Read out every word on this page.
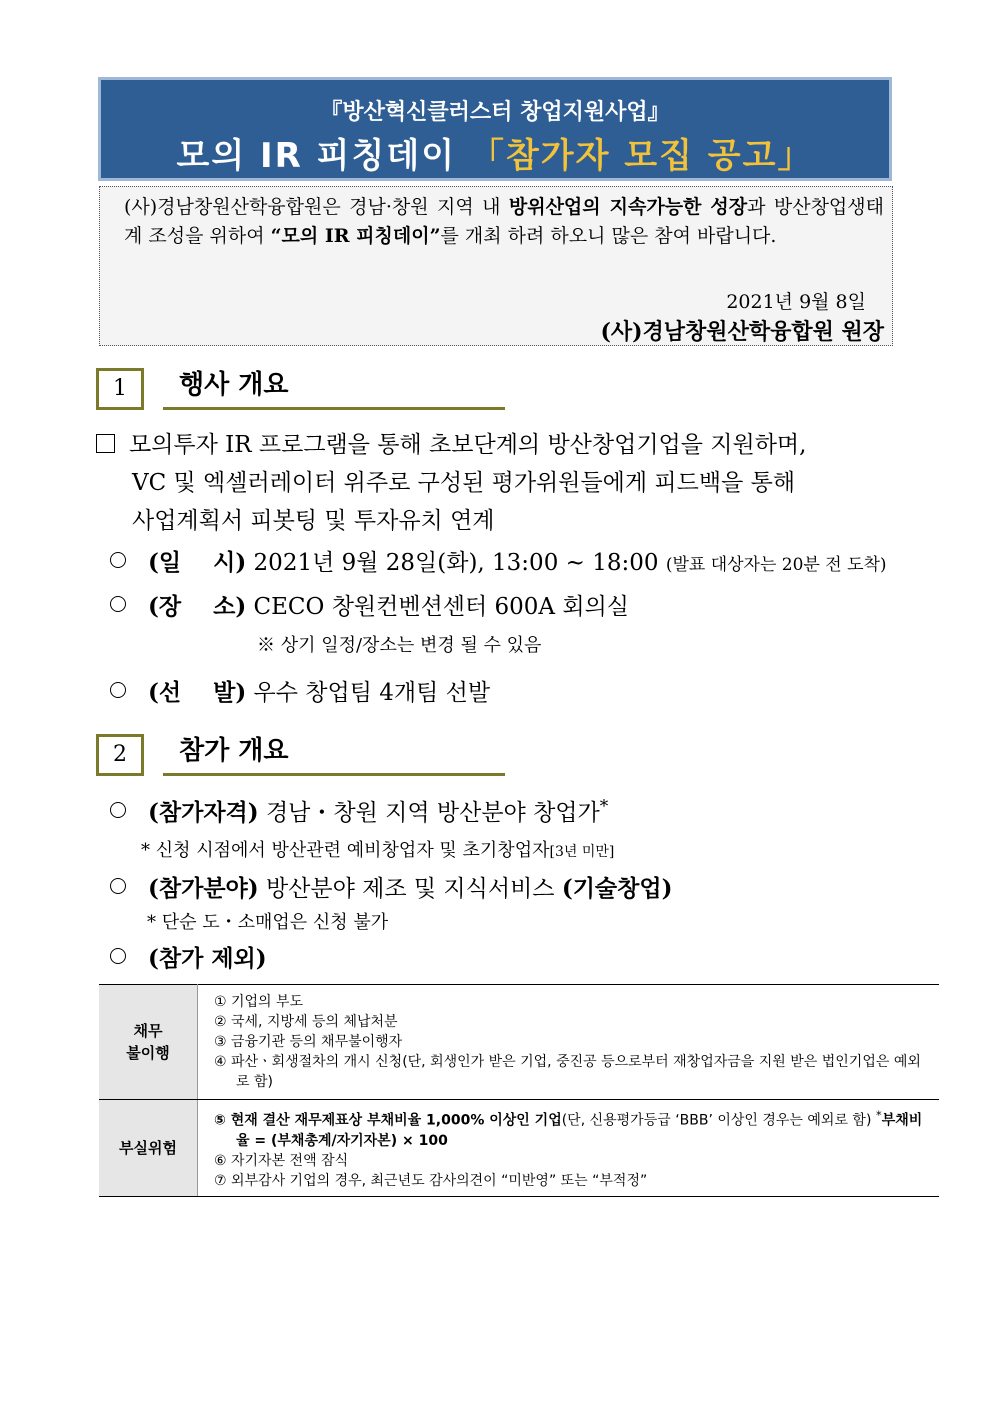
『방산혁신클러스터 창업지원사업』
모의 IR 피칭데이 「참가자 모집 공고」
(사)경남창원산학융합원은 경남·창원 지역 내 방위산업의 지속가능한 성장과 방산창업생태계 조성을 위하여 “모의 IR 피칭데이”를 개최 하려 하오니 많은 참여 바랍니다.
2021년 9월 8일
(사)경남창원산학융합원 원장
1	행사 개요
모의투자 IR 프로그램을 통해 초보단계의 방산창업기업을 지원하며,
VC 및 엑셀러레이터 위주로 구성된 평가위원들에게 피드백을 통해
사업계획서 피봇팅 및 투자유치 연계
(일    시) 2021년 9월 28일(화), 13:00 ~ 18:00 (발표 대상자는 20분 전 도착)
(장    소) CECO 창원컨벤션센터 600A 회의실
※ 상기 일정/장소는 변경 될 수 있음
(선    발) 우수 창업팀 4개팀 선발
2	참가 개요
(참가자격) 경남・창원 지역 방산분야 창업가*
* 신청 시점에서 방산관련 예비창업자 및 초기창업자[3년 미만]
(참가분야) 방산분야 제조 및 지식서비스 (기술창업)
* 단순 도・소매업은 신청 불가
(참가 제외)
채무
불이행	① 기업의 부도
② 국세, 지방세 등의 체납처분
③ 금융기관 등의 채무불이행자
④ 파산ㆍ회생절차의 개시 신청(단, 회생인가 받은 기업, 중진공 등으로부터 재창업자금을 지원 받은 법인기업은 예외로 함)

부실위험	⑤ 현재 결산 재무제표상 부채비율 1,000% 이상인 기업(단, 신용평가등급 ‘BBB’ 이상인 경우는 예외로 함) *부채비율 = (부채총계/자기자본) × 100
⑥ 자기자본 전액 잠식
⑦ 외부감사 기업의 경우, 최근년도 감사의견이 “미반영” 또는 “부적정”
